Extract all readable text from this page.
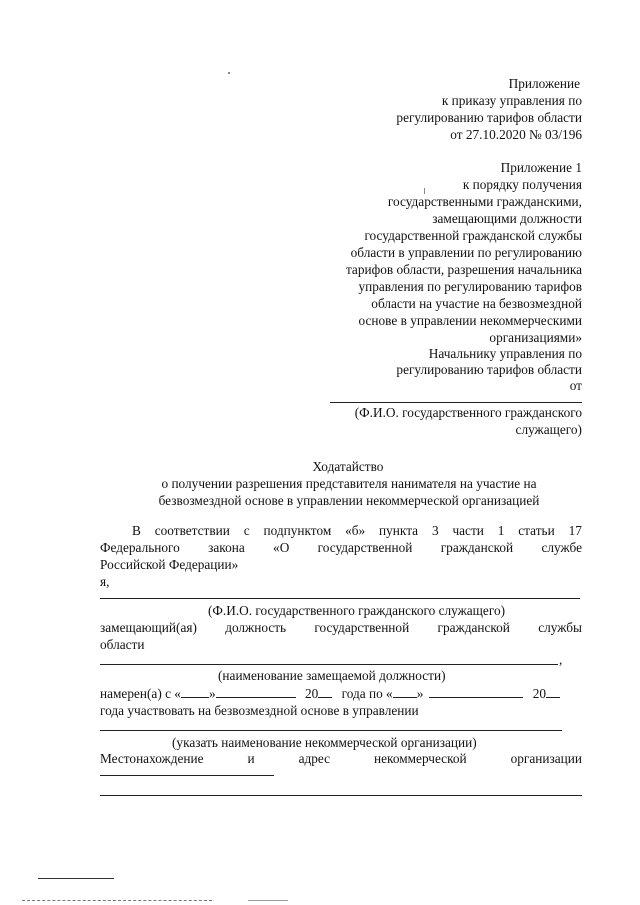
Приложение
к приказу управления по
регулированию тарифов области
от 27.10.2020 № 03/196
Приложение 1
к порядку получения
государственными гражданскими,
замещающими должности
государственной гражданской службы
области в управлении по регулированию
тарифов области, разрешения начальника
управления по регулированию тарифов
области на участие на безвозмездной
основе в управлении некоммерческими
организациями»
Начальнику управления по
регулированию тарифов области
от
(Ф.И.О. государственного гражданского
служащего)
Ходатайство
о получении разрешения представителя нанимателя на участие на
безвозмездной основе в управлении некоммерческой организацией
В соответствии с подпунктом «б» пункта 3 части 1 статьи 17
Федерального закона «О государственной гражданской службе
Российской Федерации»
я,
(Ф.И.О. государственного гражданского служащего)
замещающий(ая) должность государственной гражданской службы
области
,
(наименование замещаемой должности)
намерен(а) с « »	20 года по « »	20
года участвовать на безвозмездной основе в управлении
(указать наименование некоммерческой организации)
Местонахождение	и	адрес	некоммерческой	организации
